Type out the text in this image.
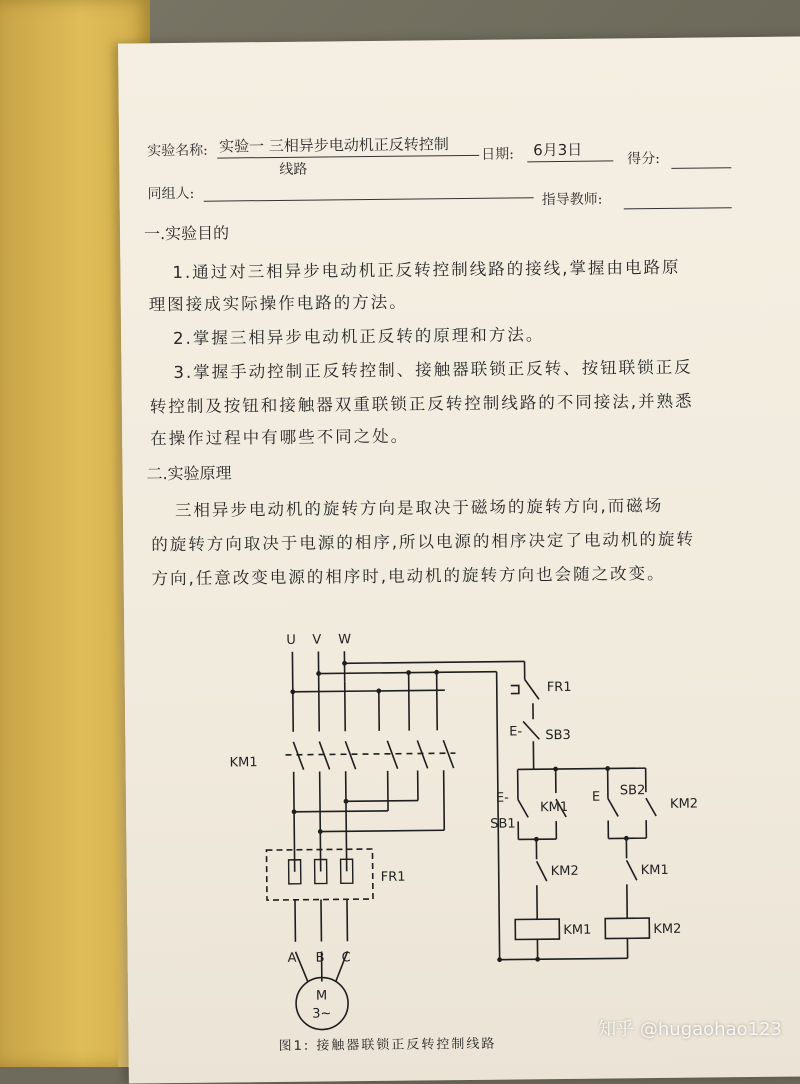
实验名称: 实验一 三相异步电动机正反转控制
线路
日期: 6月3日	得分:
同组人:	指导教师:
一.实验目的
1.通过对三相异步电动机正反转控制线路的接线,掌握由电路原
理图接成实际操作电路的方法。
2.掌握三相异步电动机正反转的原理和方法。
3.掌握手动控制正反转控制、接触器联锁正反转、按钮联锁正反
转控制及按钮和接触器双重联锁正反转控制线路的不同接法,并熟悉
在操作过程中有哪些不同之处。
二.实验原理
三相异步电动机的旋转方向是取决于磁场的旋转方向,而磁场
的旋转方向取决于电源的相序,所以电源的相序决定了电动机的旋转
方向,任意改变电源的相序时,电动机的旋转方向也会随之改变。
U V W
KM1
FR1
A B C
M
3~
FR1
E- SB3
E-
SB1
KM1
E SB2
KM2
KM2	KM1
KM1	KM2
图1: 接触器联锁正反转控制线路
知乎 @hugaohao123
